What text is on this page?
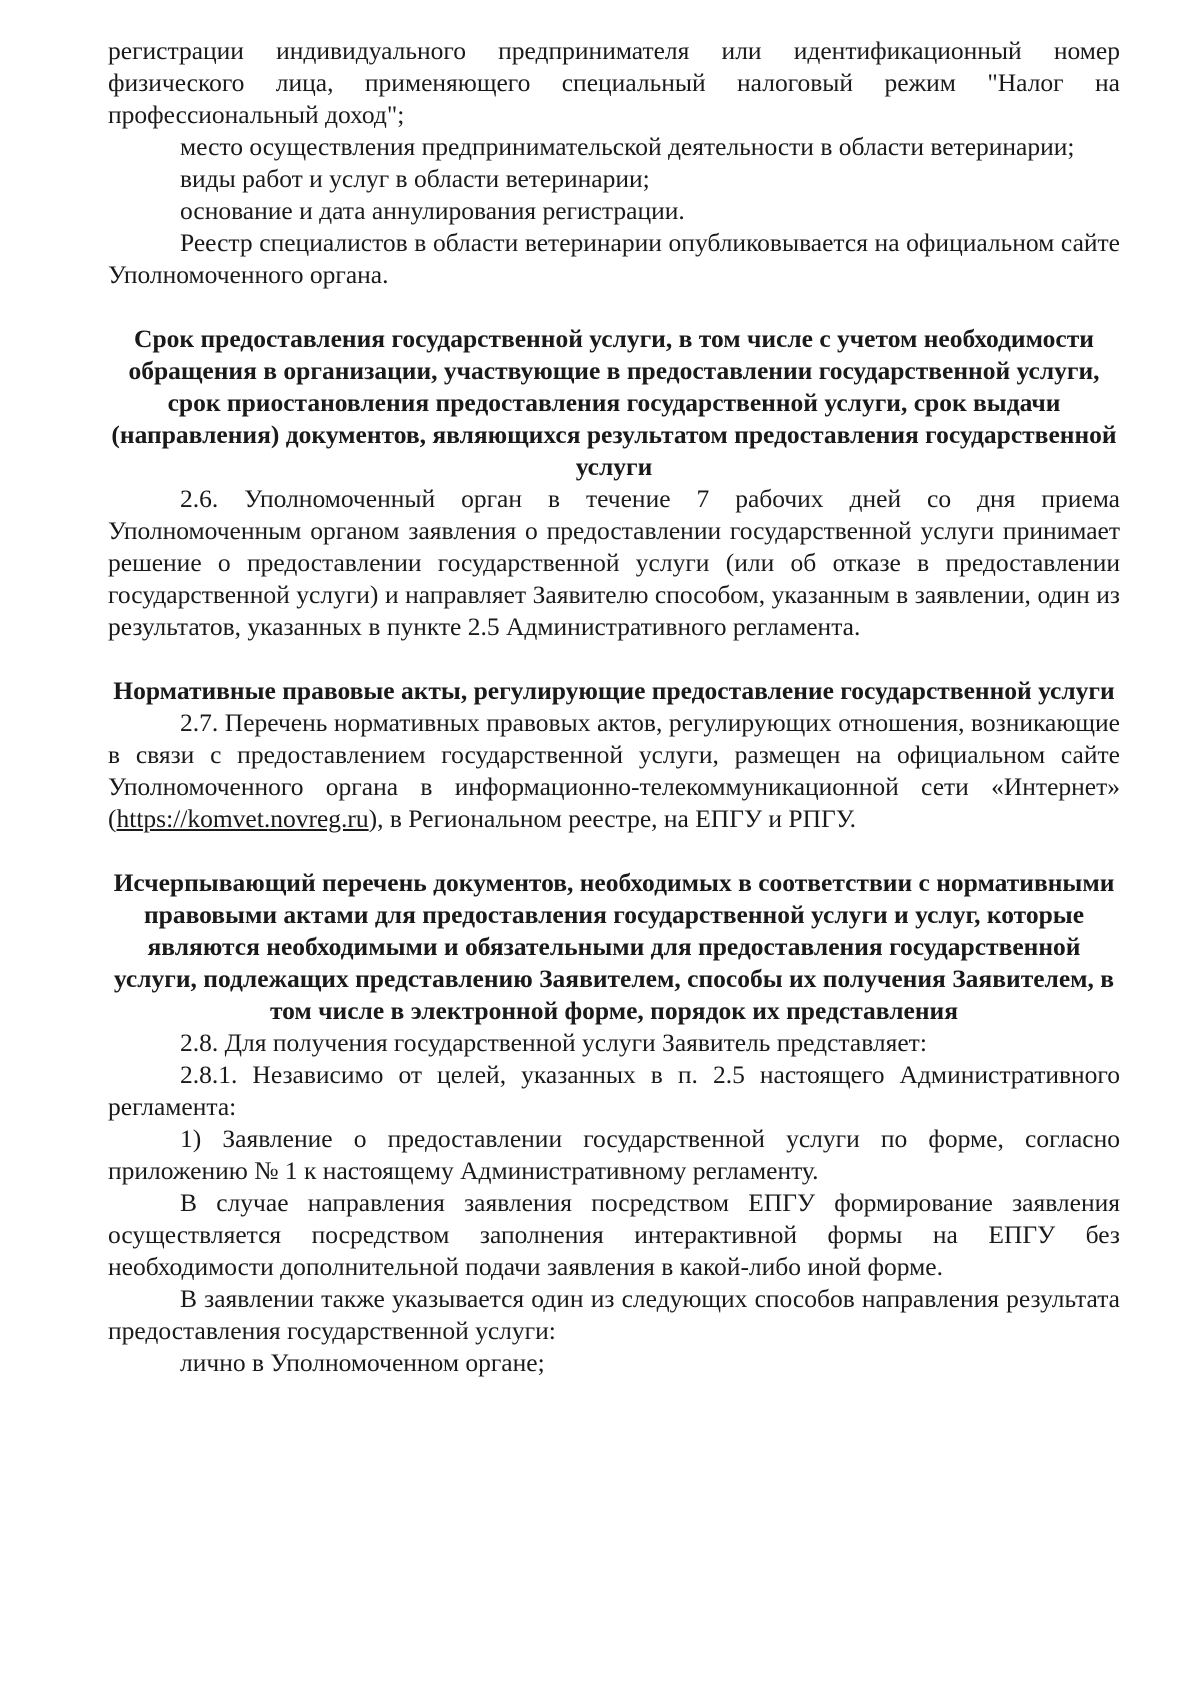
регистрации индивидуального предпринимателя или идентификационный номер физического лица, применяющего специальный налоговый режим "Налог на профессиональный доход";

место осуществления предпринимательской деятельности в области ветеринарии;

виды работ и услуг в области ветеринарии;

основание и дата аннулирования регистрации.

Реестр специалистов в области ветеринарии опубликовывается на официальном сайте Уполномоченного органа.

Срок предоставления государственной услуги, в том числе с учетом необходимости обращения в организации, участвующие в предоставлении государственной услуги, срок приостановления предоставления государственной услуги, срок выдачи (направления) документов, являющихся результатом предоставления государственной услуги

2.6. Уполномоченный орган в течение 7 рабочих дней со дня приема Уполномоченным органом заявления о предоставлении государственной услуги принимает решение о предоставлении государственной услуги (или об отказе в предоставлении государственной услуги) и направляет Заявителю способом, указанным в заявлении, один из результатов, указанных в пункте 2.5 Административного регламента.

Нормативные правовые акты, регулирующие предоставление государственной услуги

2.7. Перечень нормативных правовых актов, регулирующих отношения, возникающие в связи с предоставлением государственной услуги, размещен на официальном сайте Уполномоченного органа в информационно-телекоммуникационной сети «Интернет» (https://komvet.novreg.ru), в Региональном реестре, на ЕПГУ и РПГУ.

Исчерпывающий перечень документов, необходимых в соответствии с нормативными правовыми актами для предоставления государственной услуги и услуг, которые являются необходимыми и обязательными для предоставления государственной услуги, подлежащих представлению Заявителем, способы их получения Заявителем, в том числе в электронной форме, порядок их представления

2.8. Для получения государственной услуги Заявитель представляет:

2.8.1. Независимо от целей, указанных в п. 2.5 настоящего Административного регламента:

1) Заявление о предоставлении государственной услуги по форме, согласно приложению № 1 к настоящему Административному регламенту.

В случае направления заявления посредством ЕПГУ формирование заявления осуществляется посредством заполнения интерактивной формы на ЕПГУ без необходимости дополнительной подачи заявления в какой-либо иной форме.

В заявлении также указывается один из следующих способов направления результата предоставления государственной услуги:

лично в Уполномоченном органе;
